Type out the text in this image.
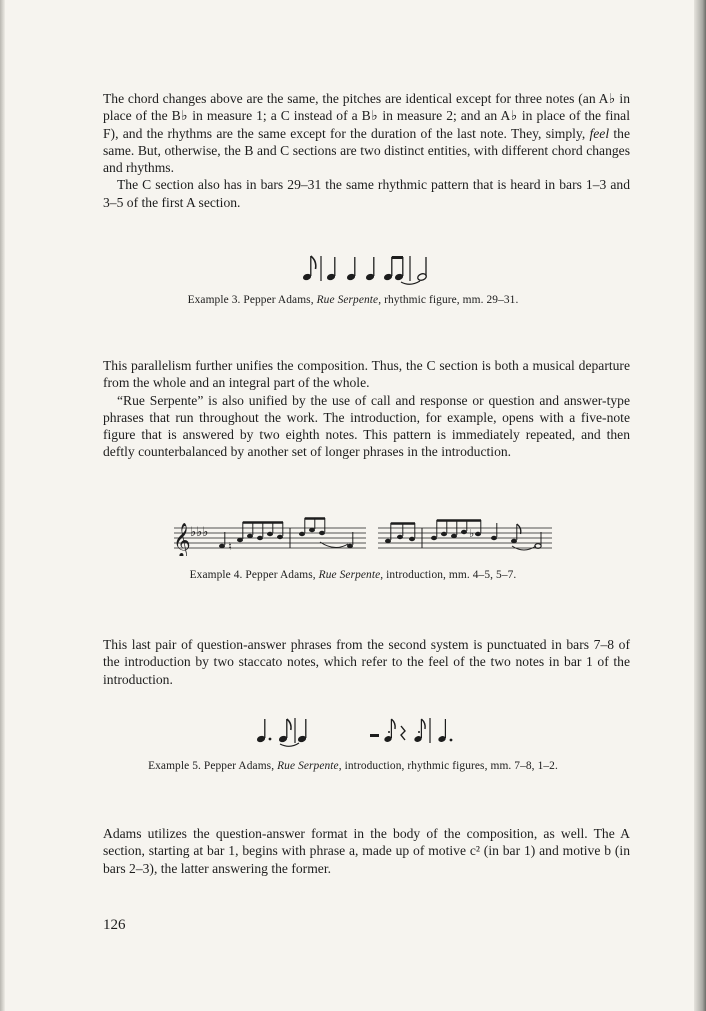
The chord changes above are the same, the pitches are identical except for three notes (an A♭ in place of the B♭ in measure 1; a C instead of a B♭ in measure 2; and an A♭ in place of the final F), and the rhythms are the same except for the duration of the last note. They, simply, feel the same. But, otherwise, the B and C sections are two distinct entities, with different chord changes and rhythms.

The C section also has in bars 29–31 the same rhythmic pattern that is heard in bars 1–3 and 3–5 of the first A section.

Example 3. Pepper Adams, Rue Serpente, rhythmic figure, mm. 29–31.

This parallelism further unifies the composition. Thus, the C section is both a musical departure from the whole and an integral part of the whole.

“Rue Serpente” is also unified by the use of call and response or question and answer-type phrases that run throughout the work. The introduction, for example, opens with a five-note figure that is answered by two eighth notes. This pattern is immediately repeated, and then deftly counterbalanced by another set of longer phrases in the introduction.

𝄞 ♭♭♭
♮
♭
Example 4. Pepper Adams, Rue Serpente, introduction, mm. 4–5, 5–7.

This last pair of question-answer phrases from the second system is punctuated in bars 7–8 of the introduction by two staccato notes, which refer to the feel of the two notes in bar 1 of the introduction.

Example 5. Pepper Adams, Rue Serpente, introduction, rhythmic figures, mm. 7–8, 1–2.

Adams utilizes the question-answer format in the body of the composition, as well. The A section, starting at bar 1, begins with phrase a, made up of motive c² (in bar 1) and motive b (in bars 2–3), the latter answering the former.

126
